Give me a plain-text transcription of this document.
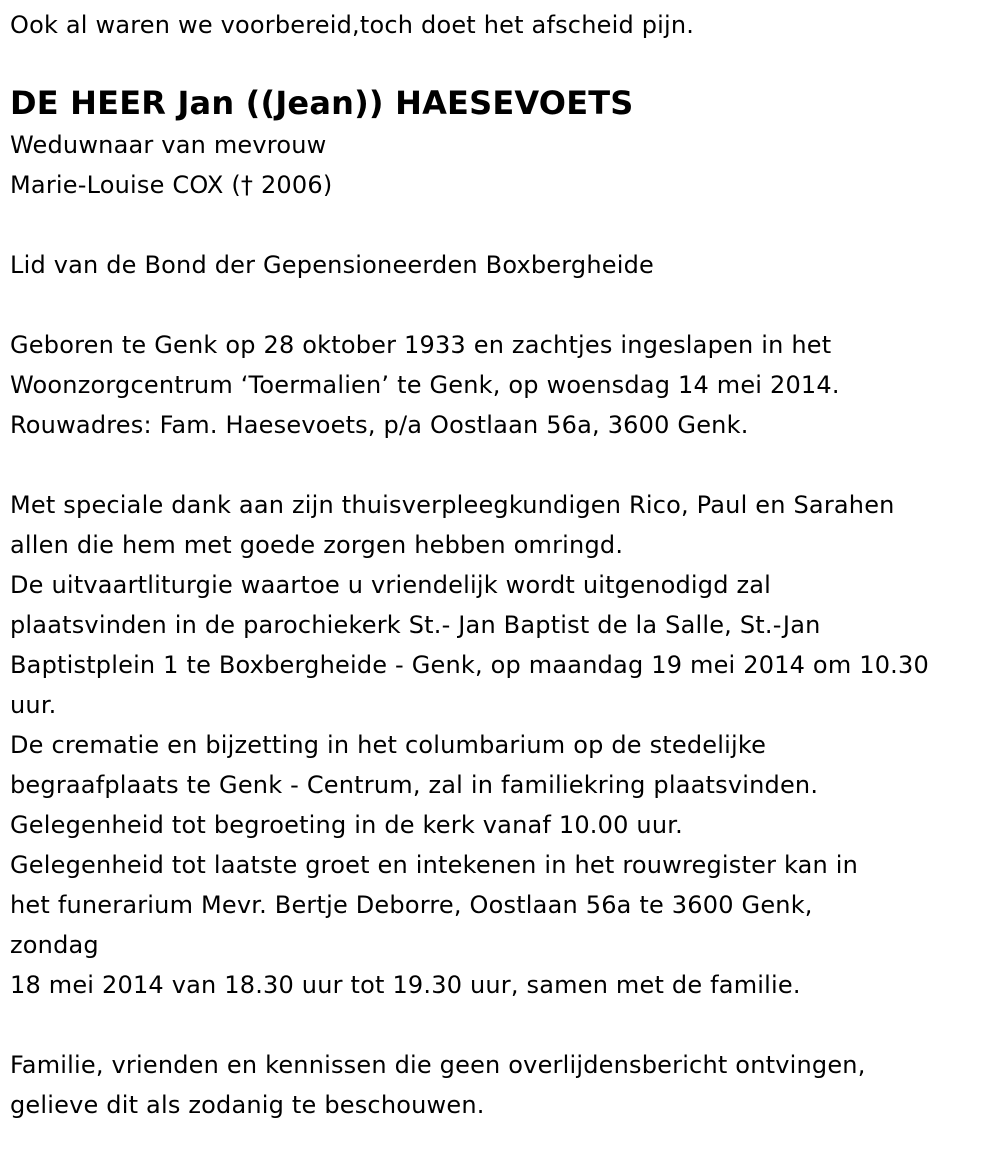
Ook al waren we voorbereid,toch doet het afscheid pijn.
DE HEER Jan ((Jean)) HAESEVOETS
Weduwnaar van mevrouw
Marie-Louise COX († 2006)
Lid van de Bond der Gepensioneerden Boxbergheide
Geboren te Genk op 28 oktober 1933 en zachtjes ingeslapen in het
Woonzorgcentrum ‘Toermalien’ te Genk, op woensdag 14 mei 2014.
Rouwadres: Fam. Haesevoets, p/a Oostlaan 56a, 3600 Genk.
Met speciale dank aan zijn thuisverpleegkundigen Rico, Paul en Sarahen
allen die hem met goede zorgen hebben omringd.
De uitvaartliturgie waartoe u vriendelijk wordt uitgenodigd zal
plaatsvinden in de parochiekerk St.- Jan Baptist de la Salle, St.-Jan
Baptistplein 1 te Boxbergheide - Genk, op maandag 19 mei 2014 om 10.30
uur.
De crematie en bijzetting in het columbarium op de stedelijke
begraafplaats te Genk - Centrum, zal in familiekring plaatsvinden.
Gelegenheid tot begroeting in de kerk vanaf 10.00 uur.
Gelegenheid tot laatste groet en intekenen in het rouwregister kan in
het funerarium Mevr. Bertje Deborre, Oostlaan 56a te 3600 Genk,
zondag
18 mei 2014 van 18.30 uur tot 19.30 uur, samen met de familie.
Familie, vrienden en kennissen die geen overlijdensbericht ontvingen,
gelieve dit als zodanig te beschouwen.
